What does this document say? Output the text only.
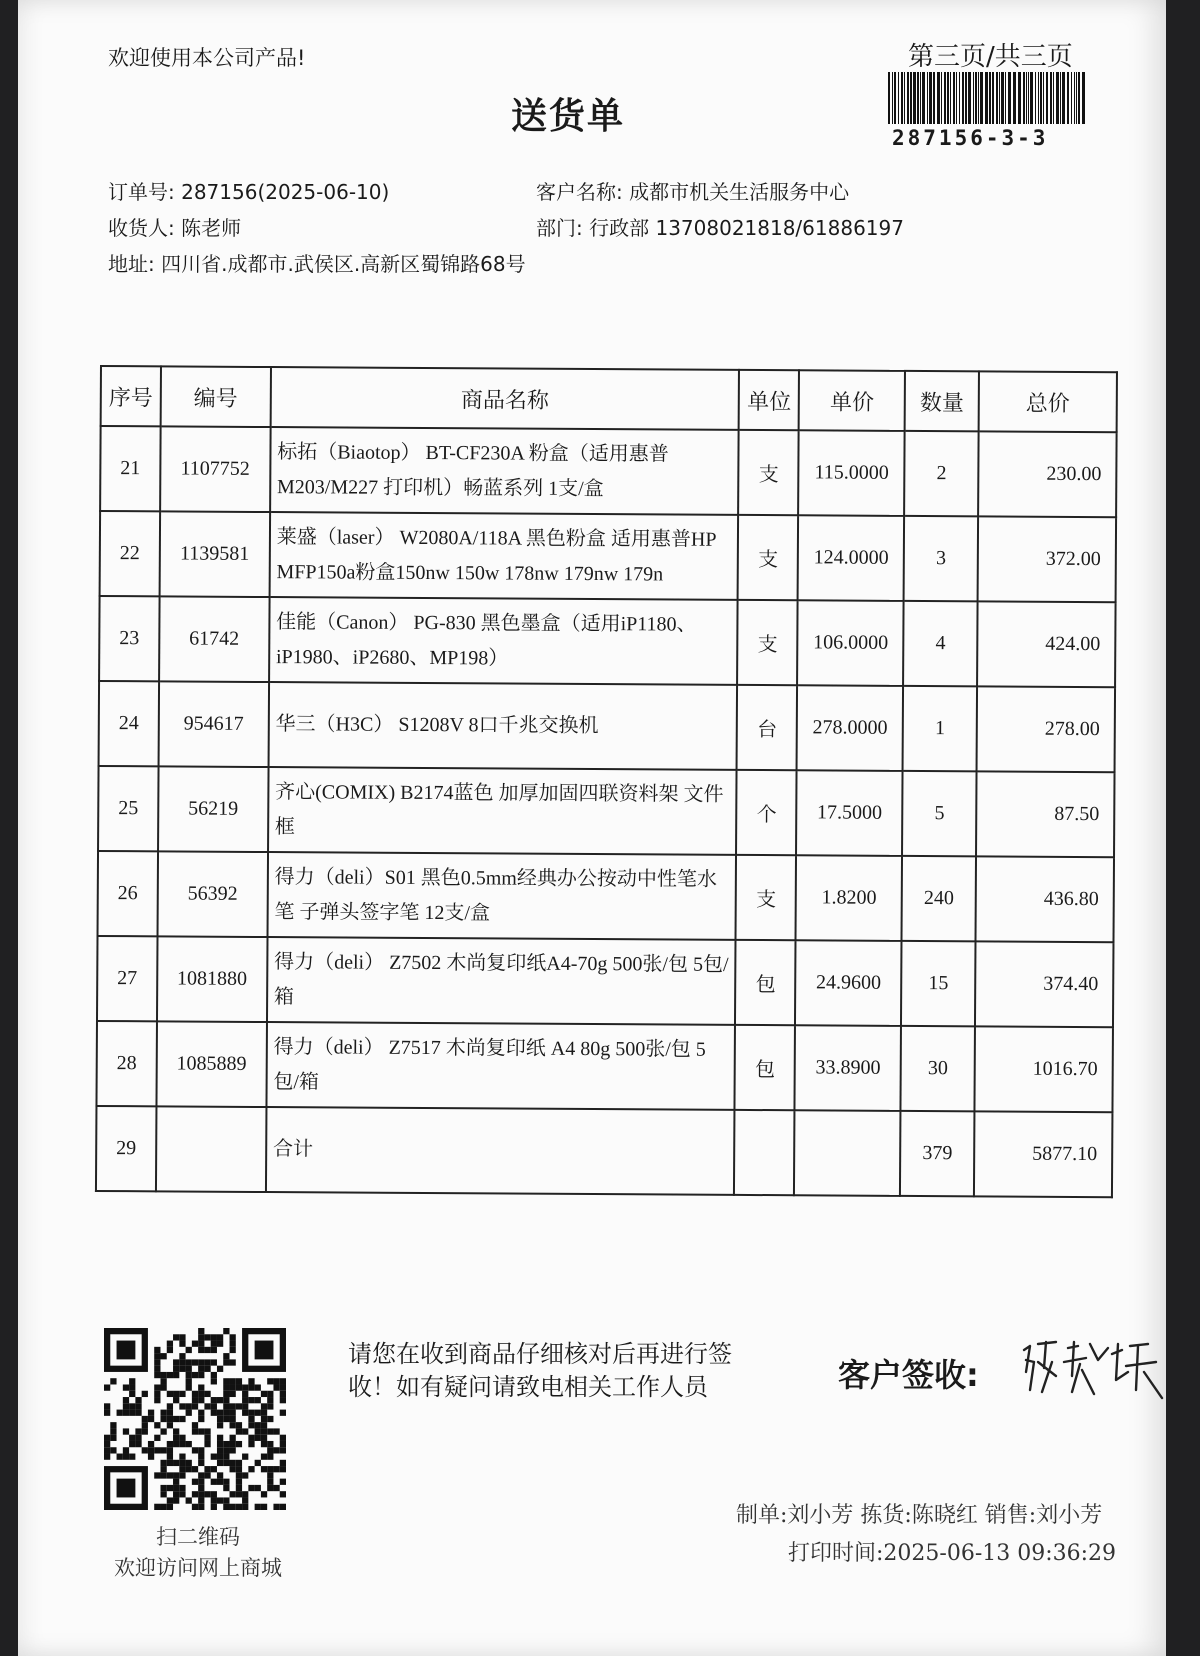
欢迎使用本公司产品!
送货单
第三页/共三页
287156-3-3
订单号: 287156(2025-06-10)	客户名称: 成都市机关生活服务中心
收货人: 陈老师	部门: 行政部 13708021818/61886197
地址: 四川省.成都市.武侯区.高新区蜀锦路68号
序号	编号	商品名称	单位	单价	数量	总价
21	1107752	标拓（Biaotop） BT-CF230A 粉盒（适用惠普M203/M227 打印机）畅蓝系列 1支/盒	支	115.0000	2	230.00
22	1139581	莱盛（laser） W2080A/118A 黑色粉盒 适用惠普HP MFP150a粉盒150nw 150w 178nw 179nw 179n	支	124.0000	3	372.00
23	61742	佳能（Canon） PG-830 黑色墨盒（适用iP1180、iP1980、iP2680、MP198）	支	106.0000	4	424.00
24	954617	华三（H3C） S1208V 8口千兆交换机	台	278.0000	1	278.00
25	56219	齐心(COMIX) B2174蓝色 加厚加固四联资料架 文件框	个	17.5000	5	87.50
26	56392	得力（deli）S01 黑色0.5mm经典办公按动中性笔水笔 子弹头签字笔 12支/盒	支	1.8200	240	436.80
27	1081880	得力（deli） Z7502 木尚复印纸A4-70g 500张/包 5包/箱	包	24.9600	15	374.40
28	1085889	得力（deli） Z7517 木尚复印纸 A4 80g 500张/包 5包/箱	包	33.8900	30	1016.70
29		合计			379	5877.10
扫二维码
欢迎访问网上商城
请您在收到商品仔细核对后再进行签
收！如有疑问请致电相关工作人员	客户签收:
制单:刘小芳 拣货:陈晓红 销售:刘小芳
打印时间:2025-06-13 09:36:29
